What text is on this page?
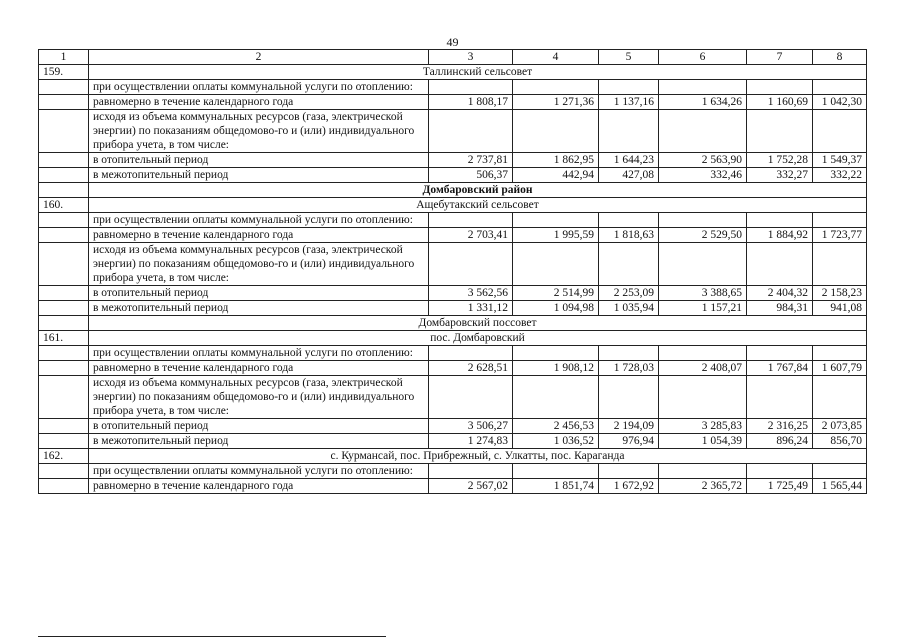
49
1	2	3	4	5	6	7	8
159.	Таллинский сельсовет						
	при осуществлении оплаты коммунальной услуги по отоплению:						
	равномерно в течение календарного года	1 808,17	1 271,36	1 137,16	1 634,26	1 160,69	1 042,30
	исходя из объема коммунальных ресурсов (газа, электрической энергии) по показаниям общедомово-го и (или) индивидуального прибора учета, в том числе:						
	в отопительный период	2 737,81	1 862,95	1 644,23	2 563,90	1 752,28	1 549,37
	в межотопительный период	506,37	442,94	427,08	332,46	332,27	332,22
	Домбаровский район						
160.	Ащебутакский сельсовет						
	при осуществлении оплаты коммунальной услуги по отоплению:						
	равномерно в течение календарного года	2 703,41	1 995,59	1 818,63	2 529,50	1 884,92	1 723,77
	исходя из объема коммунальных ресурсов (газа, электрической энергии) по показаниям общедомово-го и (или) индивидуального прибора учета, в том числе:						
	в отопительный период	3 562,56	2 514,99	2 253,09	3 388,65	2 404,32	2 158,23
	в межотопительный период	1 331,12	1 094,98	1 035,94	1 157,21	984,31	941,08
	Домбаровский поссовет						
161.	пос. Домбаровский						
	при осуществлении оплаты коммунальной услуги по отоплению:						
	равномерно в течение календарного года	2 628,51	1 908,12	1 728,03	2 408,07	1 767,84	1 607,79
	исходя из объема коммунальных ресурсов (газа, электрической энергии) по показаниям общедомово-го и (или) индивидуального прибора учета, в том числе:						
	в отопительный период	3 506,27	2 456,53	2 194,09	3 285,83	2 316,25	2 073,85
	в межотопительный период	1 274,83	1 036,52	976,94	1 054,39	896,24	856,70
162.	с. Курмансай, пос. Прибрежный, с. Улкатты, пос. Караганда						
	при осуществлении оплаты коммунальной услуги по отоплению:						
	равномерно в течение календарного года	2 567,02	1 851,74	1 672,92	2 365,72	1 725,49	1 565,44
